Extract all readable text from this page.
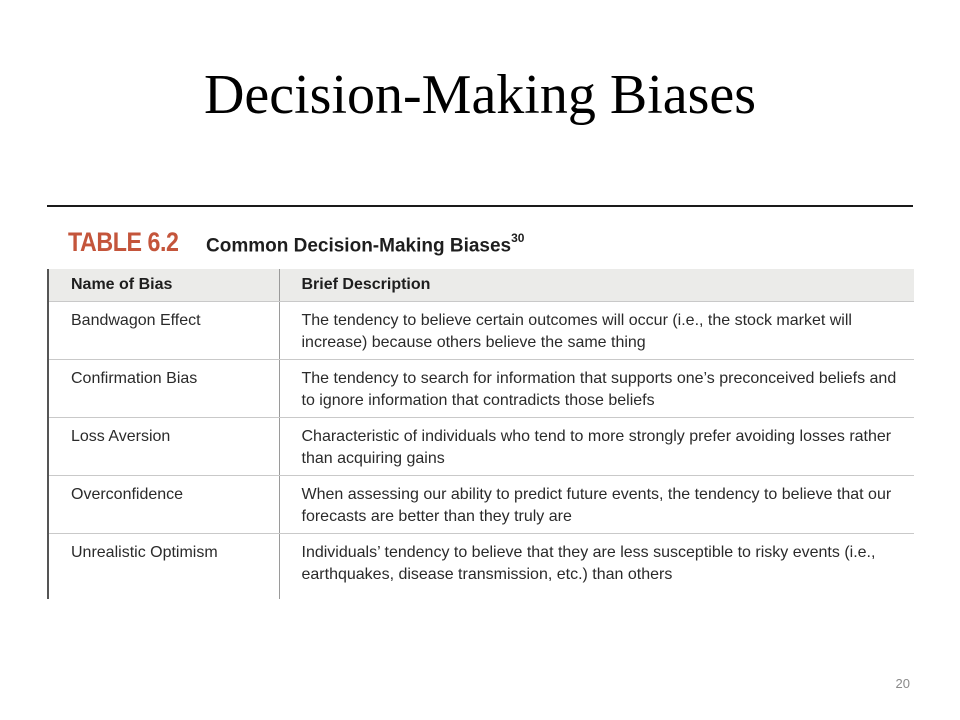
Decision-Making Biases
TABLE 6.2	Common Decision-Making Biases$^{30}$
Name of Bias	Brief Description
Bandwagon Effect	The tendency to believe certain outcomes will occur (i.e., the stock market will increase) because others believe the same thing
Confirmation Bias	The tendency to search for information that supports one’s preconceived beliefs and to ignore information that contradicts those beliefs
Loss Aversion	Characteristic of individuals who tend to more strongly prefer avoiding losses rather than acquiring gains
Overconfidence	When assessing our ability to predict future events, the tendency to believe that our forecasts are better than they truly are
Unrealistic Optimism	Individuals’ tendency to believe that they are less susceptible to risky events (i.e., earthquakes, disease transmission, etc.) than others
20
